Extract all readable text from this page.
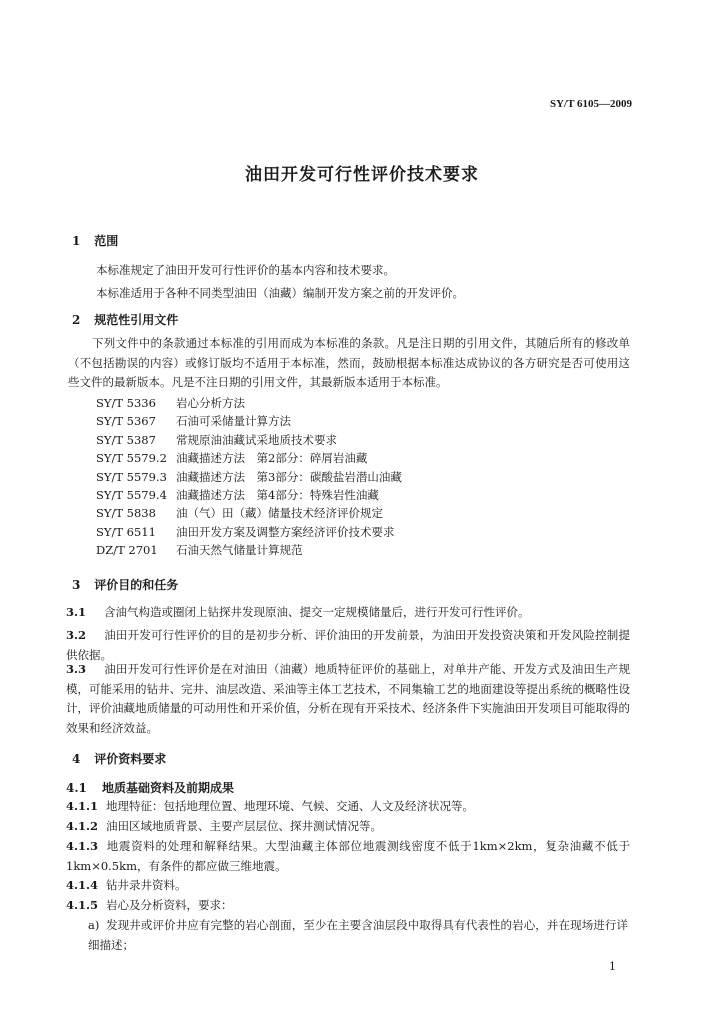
SY/T 6105—2009
油田开发可行性评价技术要求
1 范围
本标准规定了油田开发可行性评价的基本内容和技术要求。
本标准适用于各种不同类型油田（油藏）编制开发方案之前的开发评价。
2 规范性引用文件
下列文件中的条款通过本标准的引用而成为本标准的条款。凡是注日期的引用文件，其随后所有的修改单（不包括勘误的内容）或修订版均不适用于本标准，然而，鼓励根据本标准达成协议的各方研究是否可使用这些文件的最新版本。凡是不注日期的引用文件，其最新版本适用于本标准。
SY/T 5336 岩心分析方法
SY/T 5367 石油可采储量计算方法
SY/T 5387 常规原油油藏试采地质技术要求
SY/T 5579.2 油藏描述方法　第2部分：碎屑岩油藏
SY/T 5579.3 油藏描述方法　第3部分：碳酸盐岩潜山油藏
SY/T 5579.4 油藏描述方法　第4部分：特殊岩性油藏
SY/T 5838 油（气）田（藏）储量技术经济评价规定
SY/T 6511 油田开发方案及调整方案经济评价技术要求
DZ/T 2701 石油天然气储量计算规范
3 评价目的和任务
3.1 含油气构造或圈闭上钻探井发现原油、提交一定规模储量后，进行开发可行性评价。
3.2 油田开发可行性评价的目的是初步分析、评价油田的开发前景，为油田开发投资决策和开发风险控制提供依据。
3.3 油田开发可行性评价是在对油田（油藏）地质特征评价的基础上，对单井产能、开发方式及油田生产规模，可能采用的钻井、完井、油层改造、采油等主体工艺技术，不同集输工艺的地面建设等提出系统的概略性设计，评价油藏地质储量的可动用性和开采价值，分析在现有开采技术、经济条件下实施油田开发项目可能取得的效果和经济效益。
4 评价资料要求
4.1 地质基础资料及前期成果
4.1.1 地理特征：包括地理位置、地理环境、气候、交通、人文及经济状况等。
4.1.2 油田区域地质背景、主要产层层位、探井测试情况等。
4.1.3 地震资料的处理和解释结果。大型油藏主体部位地震测线密度不低于1km×2km，复杂油藏不低于1km×0.5km，有条件的都应做三维地震。
4.1.4 钻井录井资料。
4.1.5 岩心及分析资料，要求：
a) 发现井或评价井应有完整的岩心剖面，至少在主要含油层段中取得具有代表性的岩心，并在现场进行详细描述；
1
